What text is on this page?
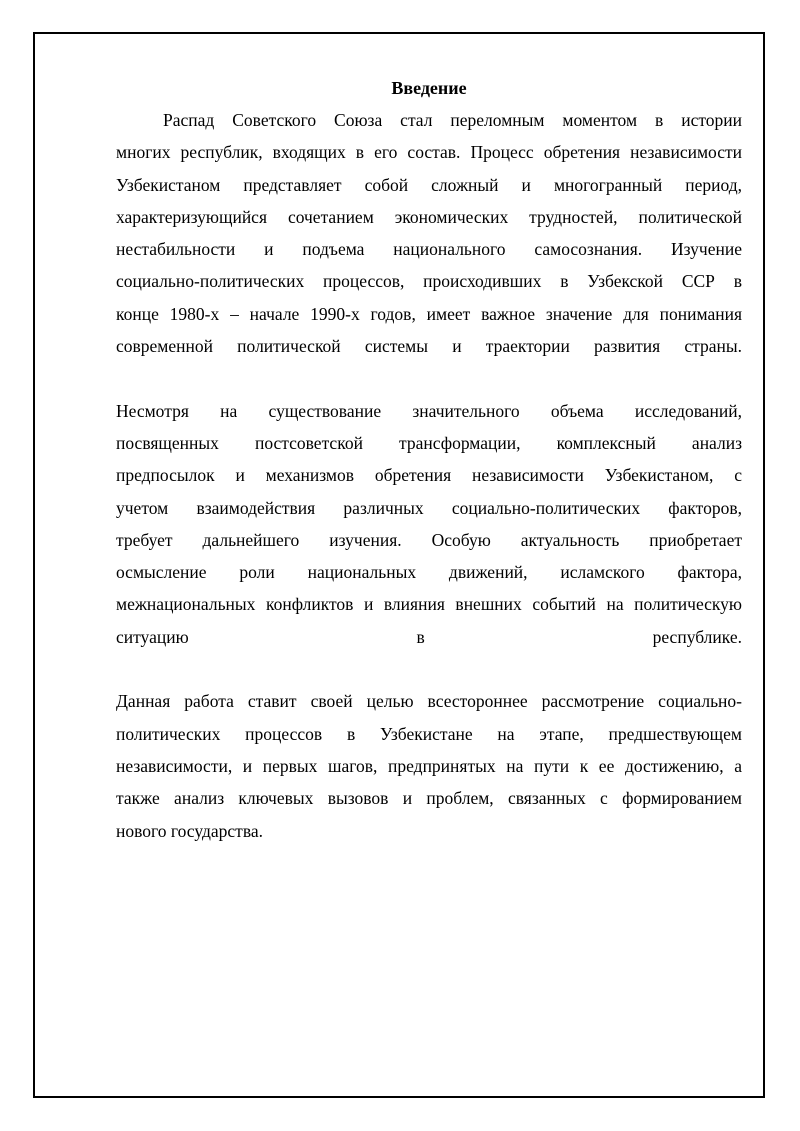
Введение
Распад Советского Союза стал переломным моментом в истории
многих республик, входящих в его состав. Процесс обретения независимости
Узбекистаном представляет собой сложный и многогранный период,
характеризующийся сочетанием экономических трудностей, политической
нестабильности и подъема национального самосознания. Изучение
социально-политических процессов, происходивших в Узбекской ССР в
конце 1980-х – начале 1990-х годов, имеет важное значение для понимания
современной политической системы и траектории развития страны.
Несмотря на существование значительного объема исследований,
посвященных постсоветской трансформации, комплексный анализ
предпосылок и механизмов обретения независимости Узбекистаном, с
учетом взаимодействия различных социально-политических факторов,
требует дальнейшего изучения. Особую актуальность приобретает
осмысление роли национальных движений, исламского фактора,
межнациональных конфликтов и влияния внешних событий на политическую
ситуацию в республике.
Данная работа ставит своей целью всестороннее рассмотрение социально-
политических процессов в Узбекистане на этапе, предшествующем
независимости, и первых шагов, предпринятых на пути к ее достижению, а
также анализ ключевых вызовов и проблем, связанных с формированием
нового государства.
